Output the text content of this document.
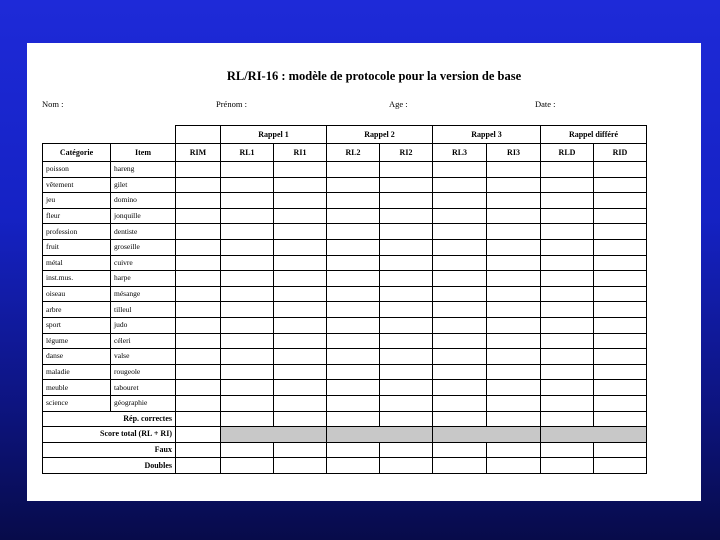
RL/RI-16 : modèle de protocole pour la version de base
Nom :	Prénom :	Age :	Date :
			Rappel 1		Rappel 2		Rappel 3		Rappel différé	
Catégorie	Item	RIM	RL1	RI1	RL2	RI2	RL3	RI3	RLD	RID
poisson	hareng									
vêtement	gilet									
jeu	domino									
fleur	jonquille									
profession	dentiste									
fruit	groseille									
métal	cuivre									
inst.mus.	harpe									
oiseau	mésange									
arbre	tilleul									
sport	judo									
légume	céleri									
danse	valse									
maladie	rougeole									
meuble	tabouret									
science	géographie									
Rép. correctes										
Score total (RL + RI)										
Faux										
Doubles										
